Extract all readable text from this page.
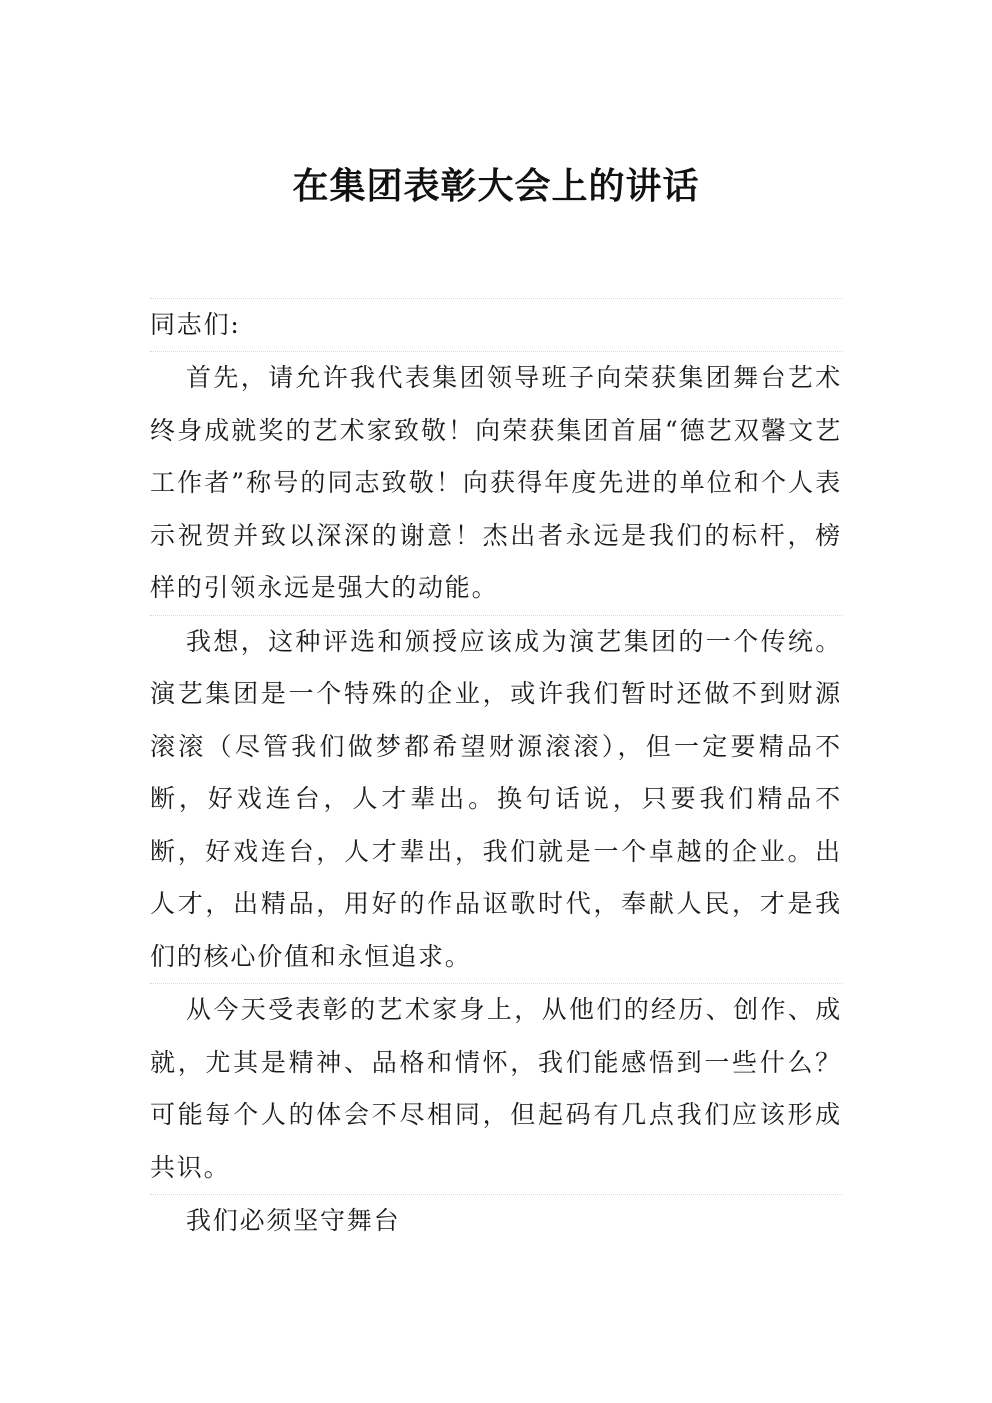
在集团表彰大会上的讲话

同志们:

首先，请允许我代表集团领导班子向荣获集团舞台艺术终身成就奖的艺术家致敬！向荣获集团首届“德艺双馨文艺工作者”称号的同志致敬！向获得年度先进的单位和个人表示祝贺并致以深深的谢意！杰出者永远是我们的标杆，榜样的引领永远是强大的动能。

我想，这种评选和颁授应该成为演艺集团的一个传统。演艺集团是一个特殊的企业，或许我们暂时还做不到财源滚滚（尽管我们做梦都希望财源滚滚），但一定要精品不断，好戏连台，人才辈出。换句话说，只要我们精品不断，好戏连台，人才辈出，我们就是一个卓越的企业。出人才，出精品，用好的作品讴歌时代，奉献人民，才是我们的核心价值和永恒追求。

从今天受表彰的艺术家身上，从他们的经历、创作、成就，尤其是精神、品格和情怀，我们能感悟到一些什么？可能每个人的体会不尽相同，但起码有几点我们应该形成共识。

我们必须坚守舞台
